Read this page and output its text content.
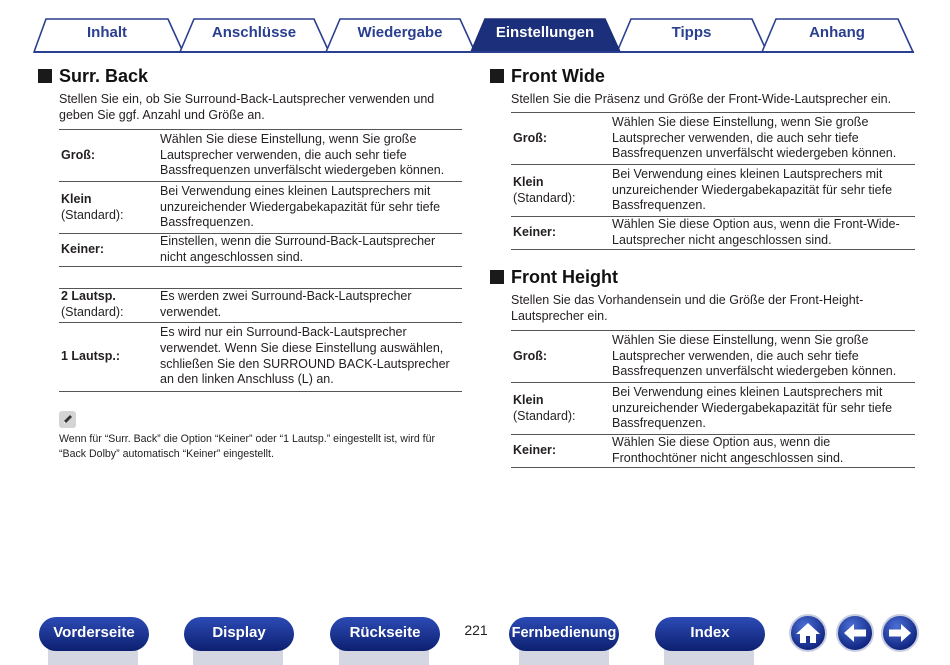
Inhalt	Anschlüsse	Wiedergabe	Einstellungen	Tipps	Anhang
Surr. Back
Stellen Sie ein, ob Sie Surround-Back-Lautsprecher verwenden und geben Sie ggf. Anzahl und Größe an.
Groß:	Wählen Sie diese Einstellung, wenn Sie große Lautsprecher verwenden, die auch sehr tiefe Bassfrequenzen unverfälscht wiedergeben können.
Klein
(Standard):	Bei Verwendung eines kleinen Lautsprechers mit unzureichender Wiedergabekapazität für sehr tiefe Bassfrequenzen.
Keiner:	Einstellen, wenn die Surround-Back-Lautsprecher nicht angeschlossen sind.

2 Lautsp.
(Standard):	Es werden zwei Surround-Back-Lautsprecher verwendet.
1 Lautsp.:	Es wird nur ein Surround-Back-Lautsprecher verwendet. Wenn Sie diese Einstellung auswählen, schließen Sie den SURROUND BACK-Lautsprecher an den linken Anschluss (L) an.
Wenn für “Surr. Back” die Option “Keiner” oder “1 Lautsp.” eingestellt ist, wird für “Back Dolby” automatisch “Keiner” eingestellt.
Front Wide
Stellen Sie die Präsenz und Größe der Front-Wide-Lautsprecher ein.
Groß:	Wählen Sie diese Einstellung, wenn Sie große Lautsprecher verwenden, die auch sehr tiefe Bassfrequenzen unverfälscht wiedergeben können.
Klein
(Standard):	Bei Verwendung eines kleinen Lautsprechers mit unzureichender Wiedergabekapazität für sehr tiefe Bassfrequenzen.
Keiner:	Wählen Sie diese Option aus, wenn die Front-Wide-Lautsprecher nicht angeschlossen sind.
Front Height
Stellen Sie das Vorhandensein und die Größe der Front-Height-Lautsprecher ein.
Groß:	Wählen Sie diese Einstellung, wenn Sie große Lautsprecher verwenden, die auch sehr tiefe Bassfrequenzen unverfälscht wiedergeben können.
Klein
(Standard):	Bei Verwendung eines kleinen Lautsprechers mit unzureichender Wiedergabekapazität für sehr tiefe Bassfrequenzen.
Keiner:	Wählen Sie diese Option aus, wenn die Fronthochtöner nicht angeschlossen sind.
Vorderseite	Display	Rückseite	221 Fernbedienung	Index
